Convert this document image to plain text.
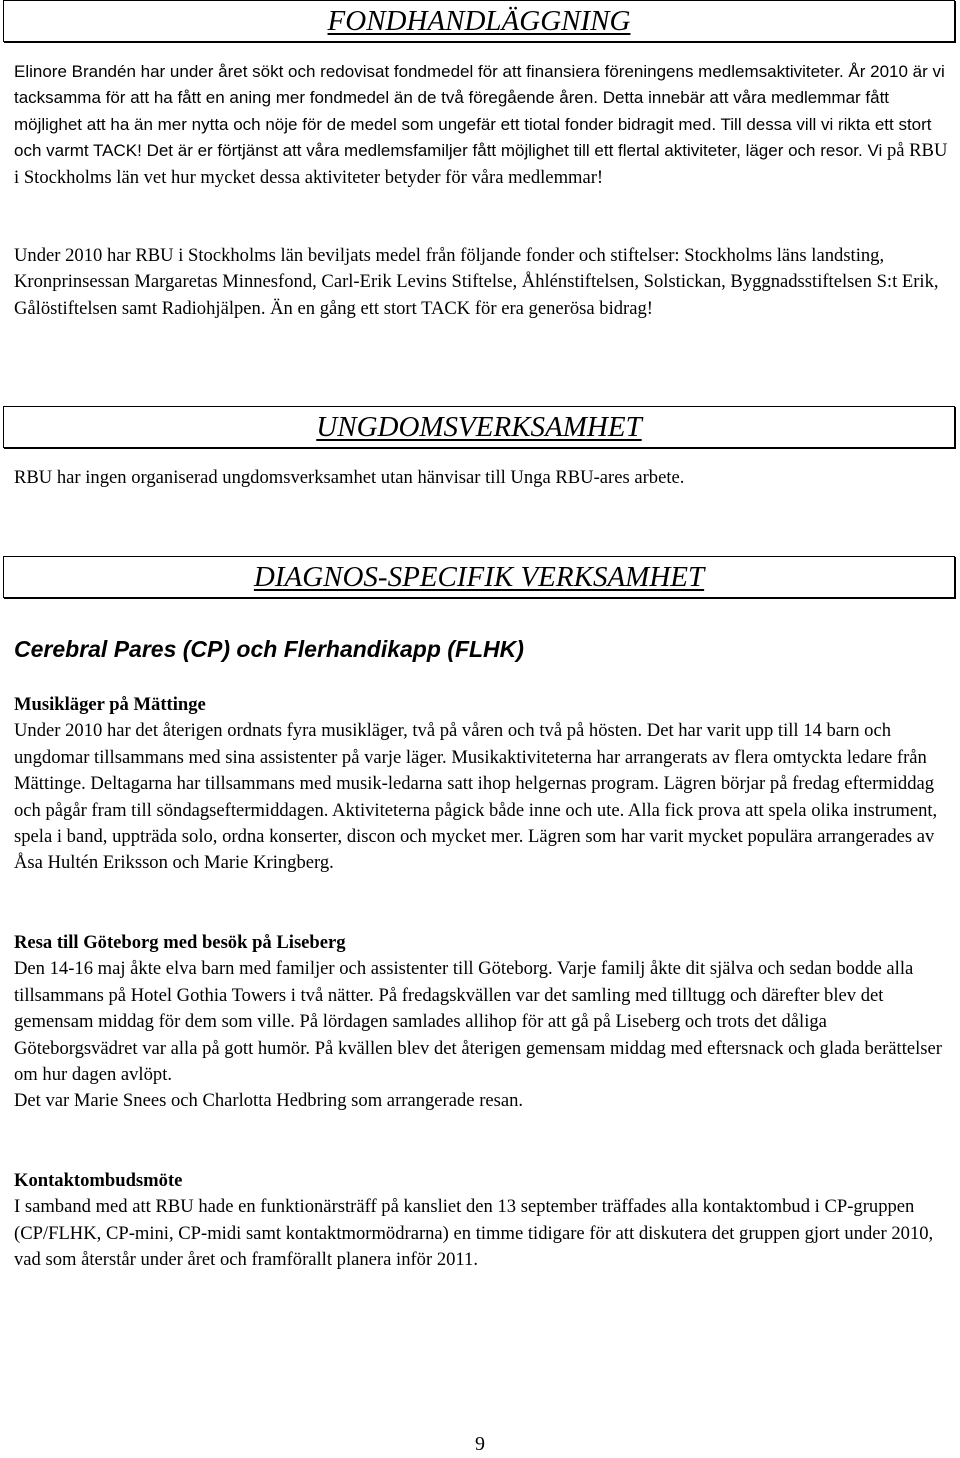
FONDHANDLÄGGNING

Elinore Brandén har under året sökt och redovisat fondmedel för att finansiera föreningens medlemsaktiviteter. År 2010 är vi tacksamma för att ha fått en aning mer fondmedel än de två föregående åren. Detta innebär att våra medlemmar fått möjlighet att ha än mer nytta och nöje för de medel som ungefär ett tiotal fonder bidragit med. Till dessa vill vi rikta ett stort och varmt TACK! Det är er förtjänst att våra medlemsfamiljer fått möjlighet till ett flertal aktiviteter, läger och resor. Vi på RBU i Stockholms län vet hur mycket dessa aktiviteter betyder för våra medlemmar!

Under 2010 har RBU i Stockholms län beviljats medel från följande fonder och stiftelser: Stockholms läns landsting, Kronprinsessan Margaretas Minnesfond, Carl-Erik Levins Stiftelse, Åhlénstiftelsen, Solstickan, Byggnadsstiftelsen S:t Erik, Gålöstiftelsen samt Radiohjälpen. Än en gång ett stort TACK för era generösa bidrag!

UNGDOMSVERKSAMHET

RBU har ingen organiserad ungdomsverksamhet utan hänvisar till Unga RBU-ares arbete.

DIAGNOS-SPECIFIK VERKSAMHET

Cerebral Pares (CP) och Flerhandikapp (FLHK)

Musikläger på Mättinge
Under 2010 har det återigen ordnats fyra musikläger, två på våren och två på hösten. Det har varit upp till 14 barn och ungdomar tillsammans med sina assistenter på varje läger. Musikaktiviteterna har arrangerats av flera omtyckta ledare från Mättinge. Deltagarna har tillsammans med musik-ledarna satt ihop helgernas program. Lägren börjar på fredag eftermiddag och pågår fram till söndagseftermiddagen. Aktiviteterna pågick både inne och ute. Alla fick prova att spela olika instrument, spela i band, uppträda solo, ordna konserter, discon och mycket mer. Lägren som har varit mycket populära arrangerades av Åsa Hultén Eriksson och Marie Kringberg.
Resa till Göteborg med besök på Liseberg
Den 14-16 maj åkte elva barn med familjer och assistenter till Göteborg. Varje familj åkte dit själva och sedan bodde alla tillsammans på Hotel Gothia Towers i två nätter. På fredagskvällen var det samling med tilltugg och därefter blev det gemensam middag för dem som ville. På lördagen samlades allihop för att gå på Liseberg och trots det dåliga Göteborgsvädret var alla på gott humör. På kvällen blev det återigen gemensam middag med eftersnack och glada berättelser om hur dagen avlöpt.
Det var Marie Snees och Charlotta Hedbring som arrangerade resan.
Kontaktombudsmöte
I samband med att RBU hade en funktionärsträff på kansliet den 13 september träffades alla kontaktombud i CP-gruppen (CP/FLHK, CP-mini, CP-midi samt kontaktmormödrarna) en timme tidigare för att diskutera det gruppen gjort under 2010, vad som återstår under året och framförallt planera inför 2011.
9
